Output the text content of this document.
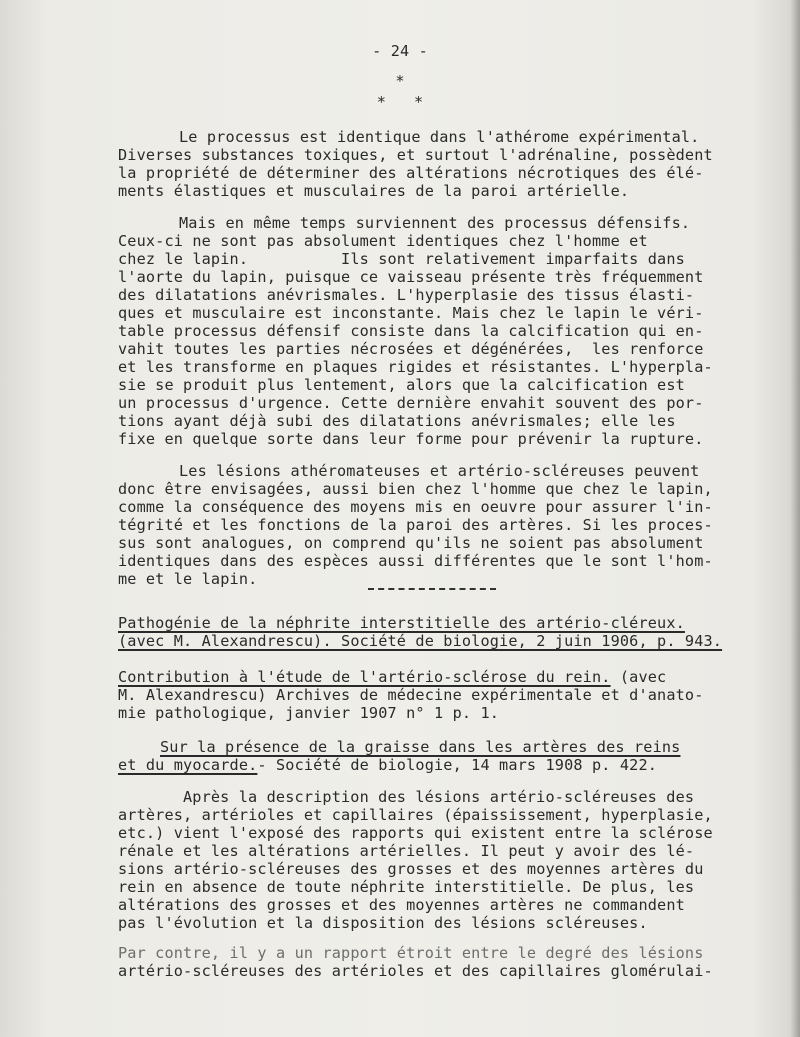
- 24 -
*
*   *
Le processus est identique dans l'athérome expérimental.
Diverses substances toxiques, et surtout l'adrénaline, possèdent
la propriété de déterminer des altérations nécrotiques des élé-
ments élastiques et musculaires de la paroi artérielle.
Mais en même temps surviennent des processus défensifs.
Ceux-ci ne sont pas absolument identiques chez l'homme et
chez le lapin.          Ils sont relativement imparfaits dans
l'aorte du lapin, puisque ce vaisseau présente très fréquemment
des dilatations anévrismales. L'hyperplasie des tissus élasti-
ques et musculaire est inconstante. Mais chez le lapin le véri-
table processus défensif consiste dans la calcification qui en-
vahit toutes les parties nécrosées et dégénérées,  les renforce
et les transforme en plaques rigides et résistantes. L'hyperpla-
sie se produit plus lentement, alors que la calcification est
un processus d'urgence. Cette dernière envahit souvent des por-
tions ayant déjà subi des dilatations anévrismales; elle les
fixe en quelque sorte dans leur forme pour prévenir la rupture.
Les lésions athéromateuses et artério-scléreuses peuvent
donc être envisagées, aussi bien chez l'homme que chez le lapin,
comme la conséquence des moyens mis en oeuvre pour assurer l'in-
tégrité et les fonctions de la paroi des artères. Si les proces-
sus sont analogues, on comprend qu'ils ne soient pas absolument
identiques dans des espèces aussi différentes que le sont l'hom-
me et le lapin.
Pathogénie de la néphrite interstitielle des artério-cléreux.
(avec M. Alexandrescu). Société de biologie, 2 juin 1906, p. 943.
Contribution à l'étude de l'artério-sclérose du rein. (avec
M. Alexandrescu) Archives de médecine expérimentale et d'anato-
mie pathologique, janvier 1907 n° 1 p. 1.
Sur la présence de la graisse dans les artères des reins
et du myocarde.- Société de biologie, 14 mars 1908 p. 422.
Après la description des lésions artério-scléreuses des
artères, artérioles et capillaires (épaississement, hyperplasie,
etc.) vient l'exposé des rapports qui existent entre la sclérose
rénale et les altérations artérielles. Il peut y avoir des lé-
sions artério-scléreuses des grosses et des moyennes artères du
rein en absence de toute néphrite interstitielle. De plus, les
altérations des grosses et des moyennes artères ne commandent
pas l'évolution et la disposition des lésions scléreuses.
Par contre, il y a un rapport étroit entre le degré des lésions
artério-scléreuses des artérioles et des capillaires glomérulai-
